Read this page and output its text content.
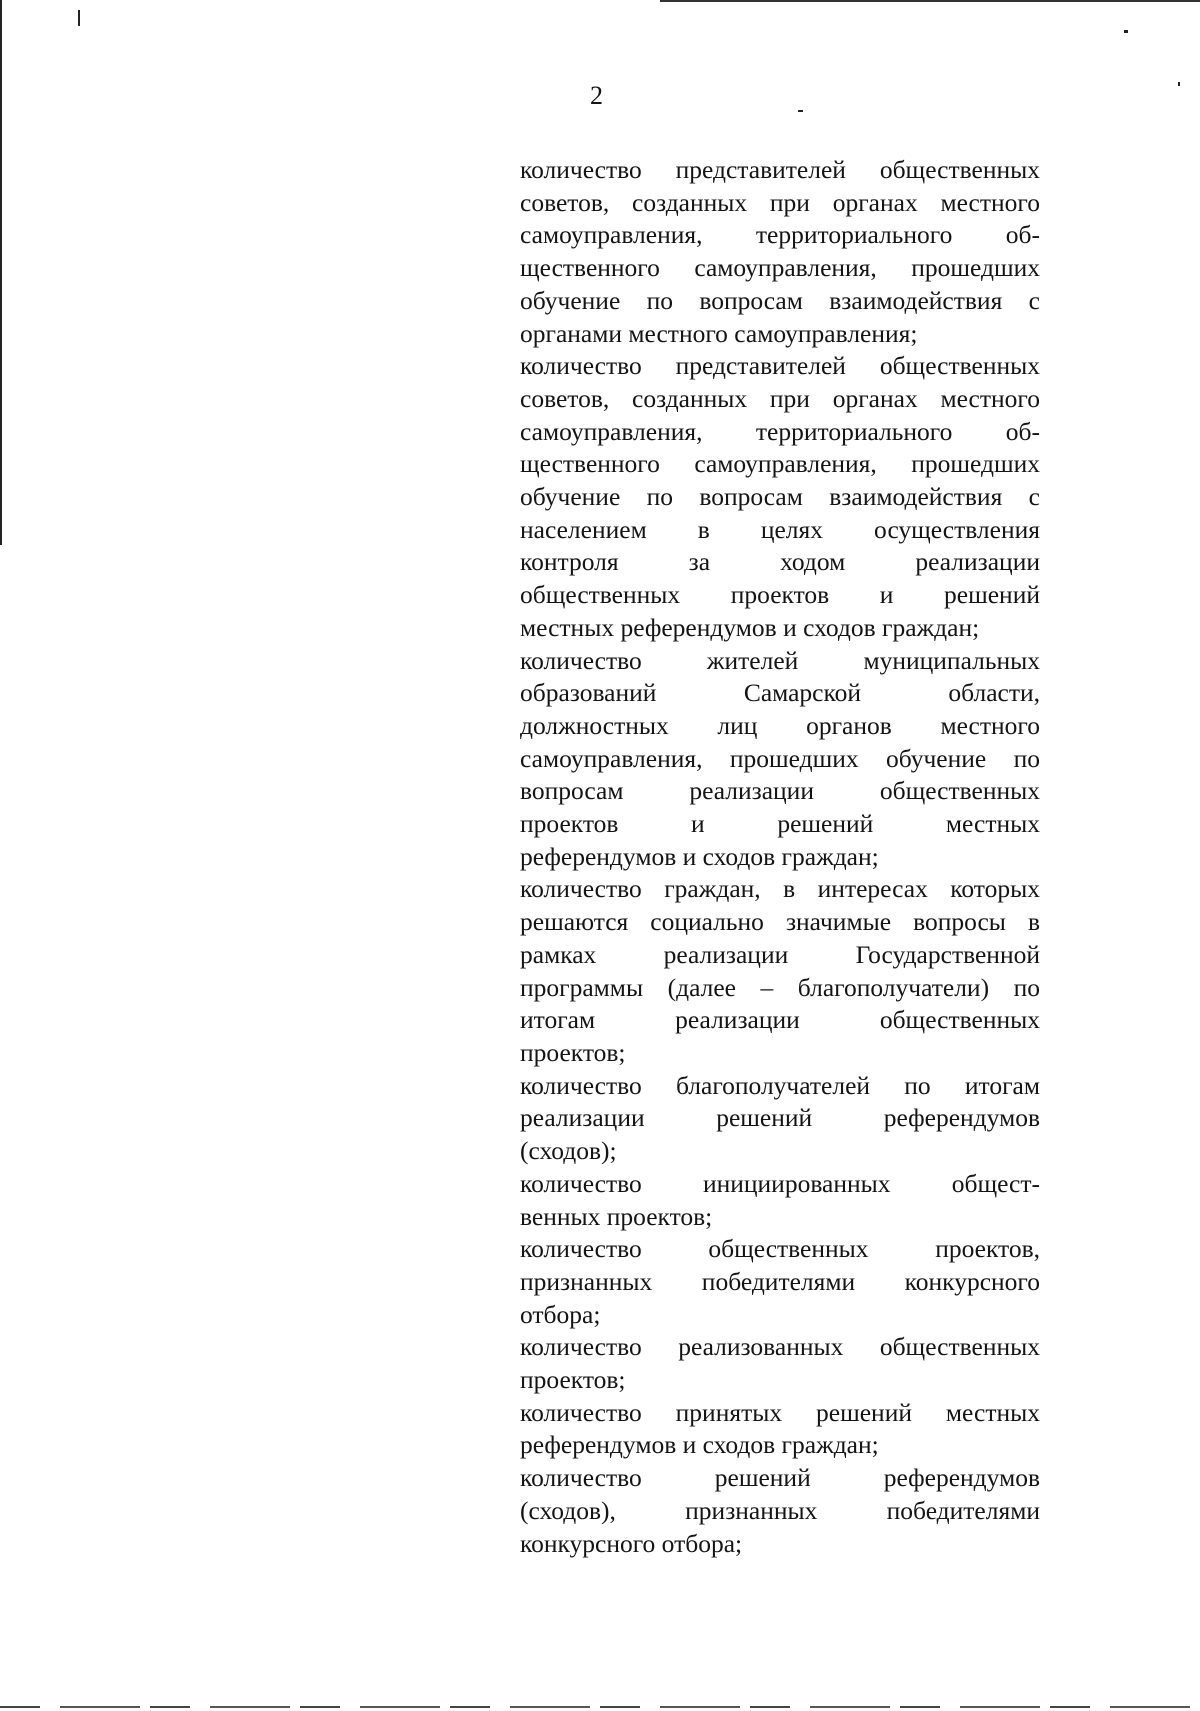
2
количество представителей общественных
советов, созданных при органах местного
самоуправления, территориального об-
щественного самоуправления, прошедших
обучение по вопросам взаимодействия с
органами местного самоуправления;
количество представителей общественных
советов, созданных при органах местного
самоуправления, территориального об-
щественного самоуправления, прошедших
обучение по вопросам взаимодействия с
населением в целях осуществления
контроля за ходом реализации
общественных проектов и решений
местных референдумов и сходов граждан;
количество жителей муниципальных
образований Самарской области,
должностных лиц органов местного
самоуправления, прошедших обучение по
вопросам реализации общественных
проектов и решений местных
референдумов и сходов граждан;
количество граждан, в интересах которых
решаются социально значимые вопросы в
рамках реализации Государственной
программы (далее – благополучатели) по
итогам реализации общественных
проектов;
количество благополучателей по итогам
реализации решений референдумов
(сходов);
количество инициированных общест-
венных проектов;
количество общественных проектов,
признанных победителями конкурсного
отбора;
количество реализованных общественных
проектов;
количество принятых решений местных
референдумов и сходов граждан;
количество решений референдумов
(сходов), признанных победителями
конкурсного отбора;
